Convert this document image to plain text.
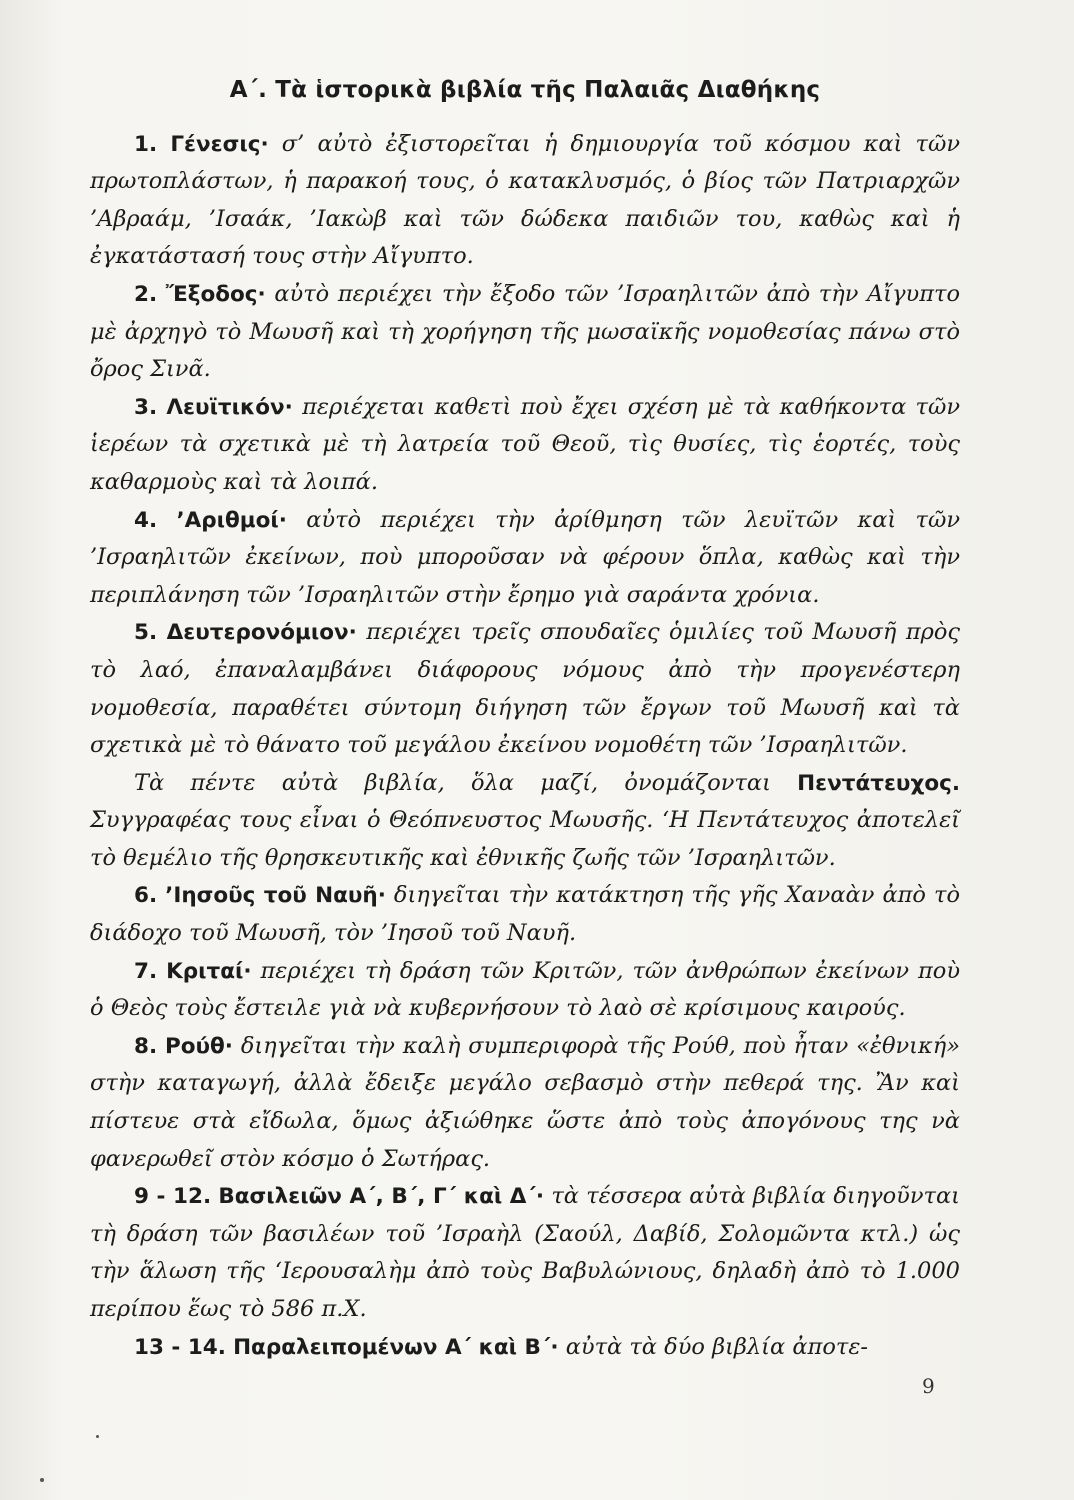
Α΄. Τὰ ἱστορικὰ βιβλία τῆς Παλαιᾶς Διαθήκης

1. Γένεσις· σ’ αὐτὸ ἐξιστορεῖται ἡ δημιουργία τοῦ κόσμου καὶ τῶν πρωτοπλάστων, ἡ παρακοή τους, ὁ κατακλυσμός, ὁ βίος τῶν Πατριαρχῶν ’Αβραάμ, ’Ισαάκ, ’Ιακὼβ καὶ τῶν δώδεκα παιδιῶν του, καθὼς καὶ ἡ ἐγκατάστασή τους στὴν Αἴγυπτο.

2. Ἔξοδος· αὐτὸ περιέχει τὴν ἔξοδο τῶν ’Ισραηλιτῶν ἀπὸ τὴν Αἴγυπτο μὲ ἀρχηγὸ τὸ Μωυσῆ καὶ τὴ χορήγηση τῆς μωσαϊκῆς νομοθεσίας πάνω στὸ ὄρος Σινᾶ.

3. Λευϊτικόν· περιέχεται καθετὶ ποὺ ἔχει σχέση μὲ τὰ καθήκοντα τῶν ἱερέων τὰ σχετικὰ μὲ τὴ λατρεία τοῦ Θεοῦ, τὶς θυσίες, τὶς ἑορτές, τοὺς καθαρμοὺς καὶ τὰ λοιπά.

4. ’Αριθμοί· αὐτὸ περιέχει τὴν ἀρίθμηση τῶν λευϊτῶν καὶ τῶν ’Ισραηλιτῶν ἐκείνων, ποὺ μποροῦσαν νὰ φέρουν ὅπλα, καθὼς καὶ τὴν περιπλάνηση τῶν ’Ισραηλιτῶν στὴν ἔρημο γιὰ σαράντα χρόνια.

5. Δευτερονόμιον· περιέχει τρεῖς σπουδαῖες ὁμιλίες τοῦ Μωυσῆ πρὸς τὸ λαό, ἐπαναλαμβάνει διάφορους νόμους ἀπὸ τὴν προγενέστερη νομοθεσία, παραθέτει σύντομη διήγηση τῶν ἔργων τοῦ Μωυσῆ καὶ τὰ σχετικὰ μὲ τὸ θάνατο τοῦ μεγάλου ἐκείνου νομοθέτη τῶν ’Ισραηλιτῶν.

Τὰ πέντε αὐτὰ βιβλία, ὅλα μαζί, ὀνομάζονται Πεντάτευχος. Συγγραφέας τους εἶναι ὁ Θεόπνευστος Μωυσῆς. ‘Η Πεντάτευχος ἀποτελεῖ τὸ θεμέλιο τῆς θρησκευτικῆς καὶ ἐθνικῆς ζωῆς τῶν ’Ισραηλιτῶν.

6. ’Ιησοῦς τοῦ Ναυῆ· διηγεῖται τὴν κατάκτηση τῆς γῆς Χαναὰν ἀπὸ τὸ διάδοχο τοῦ Μωυσῆ, τὸν ’Ιησοῦ τοῦ Ναυῆ.

7. Κριταί· περιέχει τὴ δράση τῶν Κριτῶν, τῶν ἀνθρώπων ἐκείνων ποὺ ὁ Θεὸς τοὺς ἔστειλε γιὰ νὰ κυβερνήσουν τὸ λαὸ σὲ κρίσιμους καιρούς.

8. Ρούθ· διηγεῖται τὴν καλὴ συμπεριφορὰ τῆς Ρούθ, ποὺ ἦταν «ἐθνική» στὴν καταγωγή, ἀλλὰ ἔδειξε μεγάλο σεβασμὸ στὴν πεθερά της. Ἂν καὶ πίστευε στὰ εἴδωλα, ὅμως ἀξιώθηκε ὥστε ἀπὸ τοὺς ἀπογόνους της νὰ φανερωθεῖ στὸν κόσμο ὁ Σωτήρας.

9 - 12. Βασιλειῶν Α΄, Β΄, Γ΄ καὶ Δ΄· τὰ τέσσερα αὐτὰ βιβλία διηγοῦνται τὴ δράση τῶν βασιλέων τοῦ ’Ισραὴλ (Σαούλ, Δαβίδ, Σολομῶντα κτλ.) ὡς τὴν ἅλωση τῆς ‘Ιερουσαλὴμ ἀπὸ τοὺς Βαβυλώνιους, δηλαδὴ ἀπὸ τὸ 1.000 περίπου ἕως τὸ 586 π.Χ.

13 - 14. Παραλειπομένων Α΄ καὶ Β΄· αὐτὰ τὰ δύο βιβλία ἀποτε-

9
